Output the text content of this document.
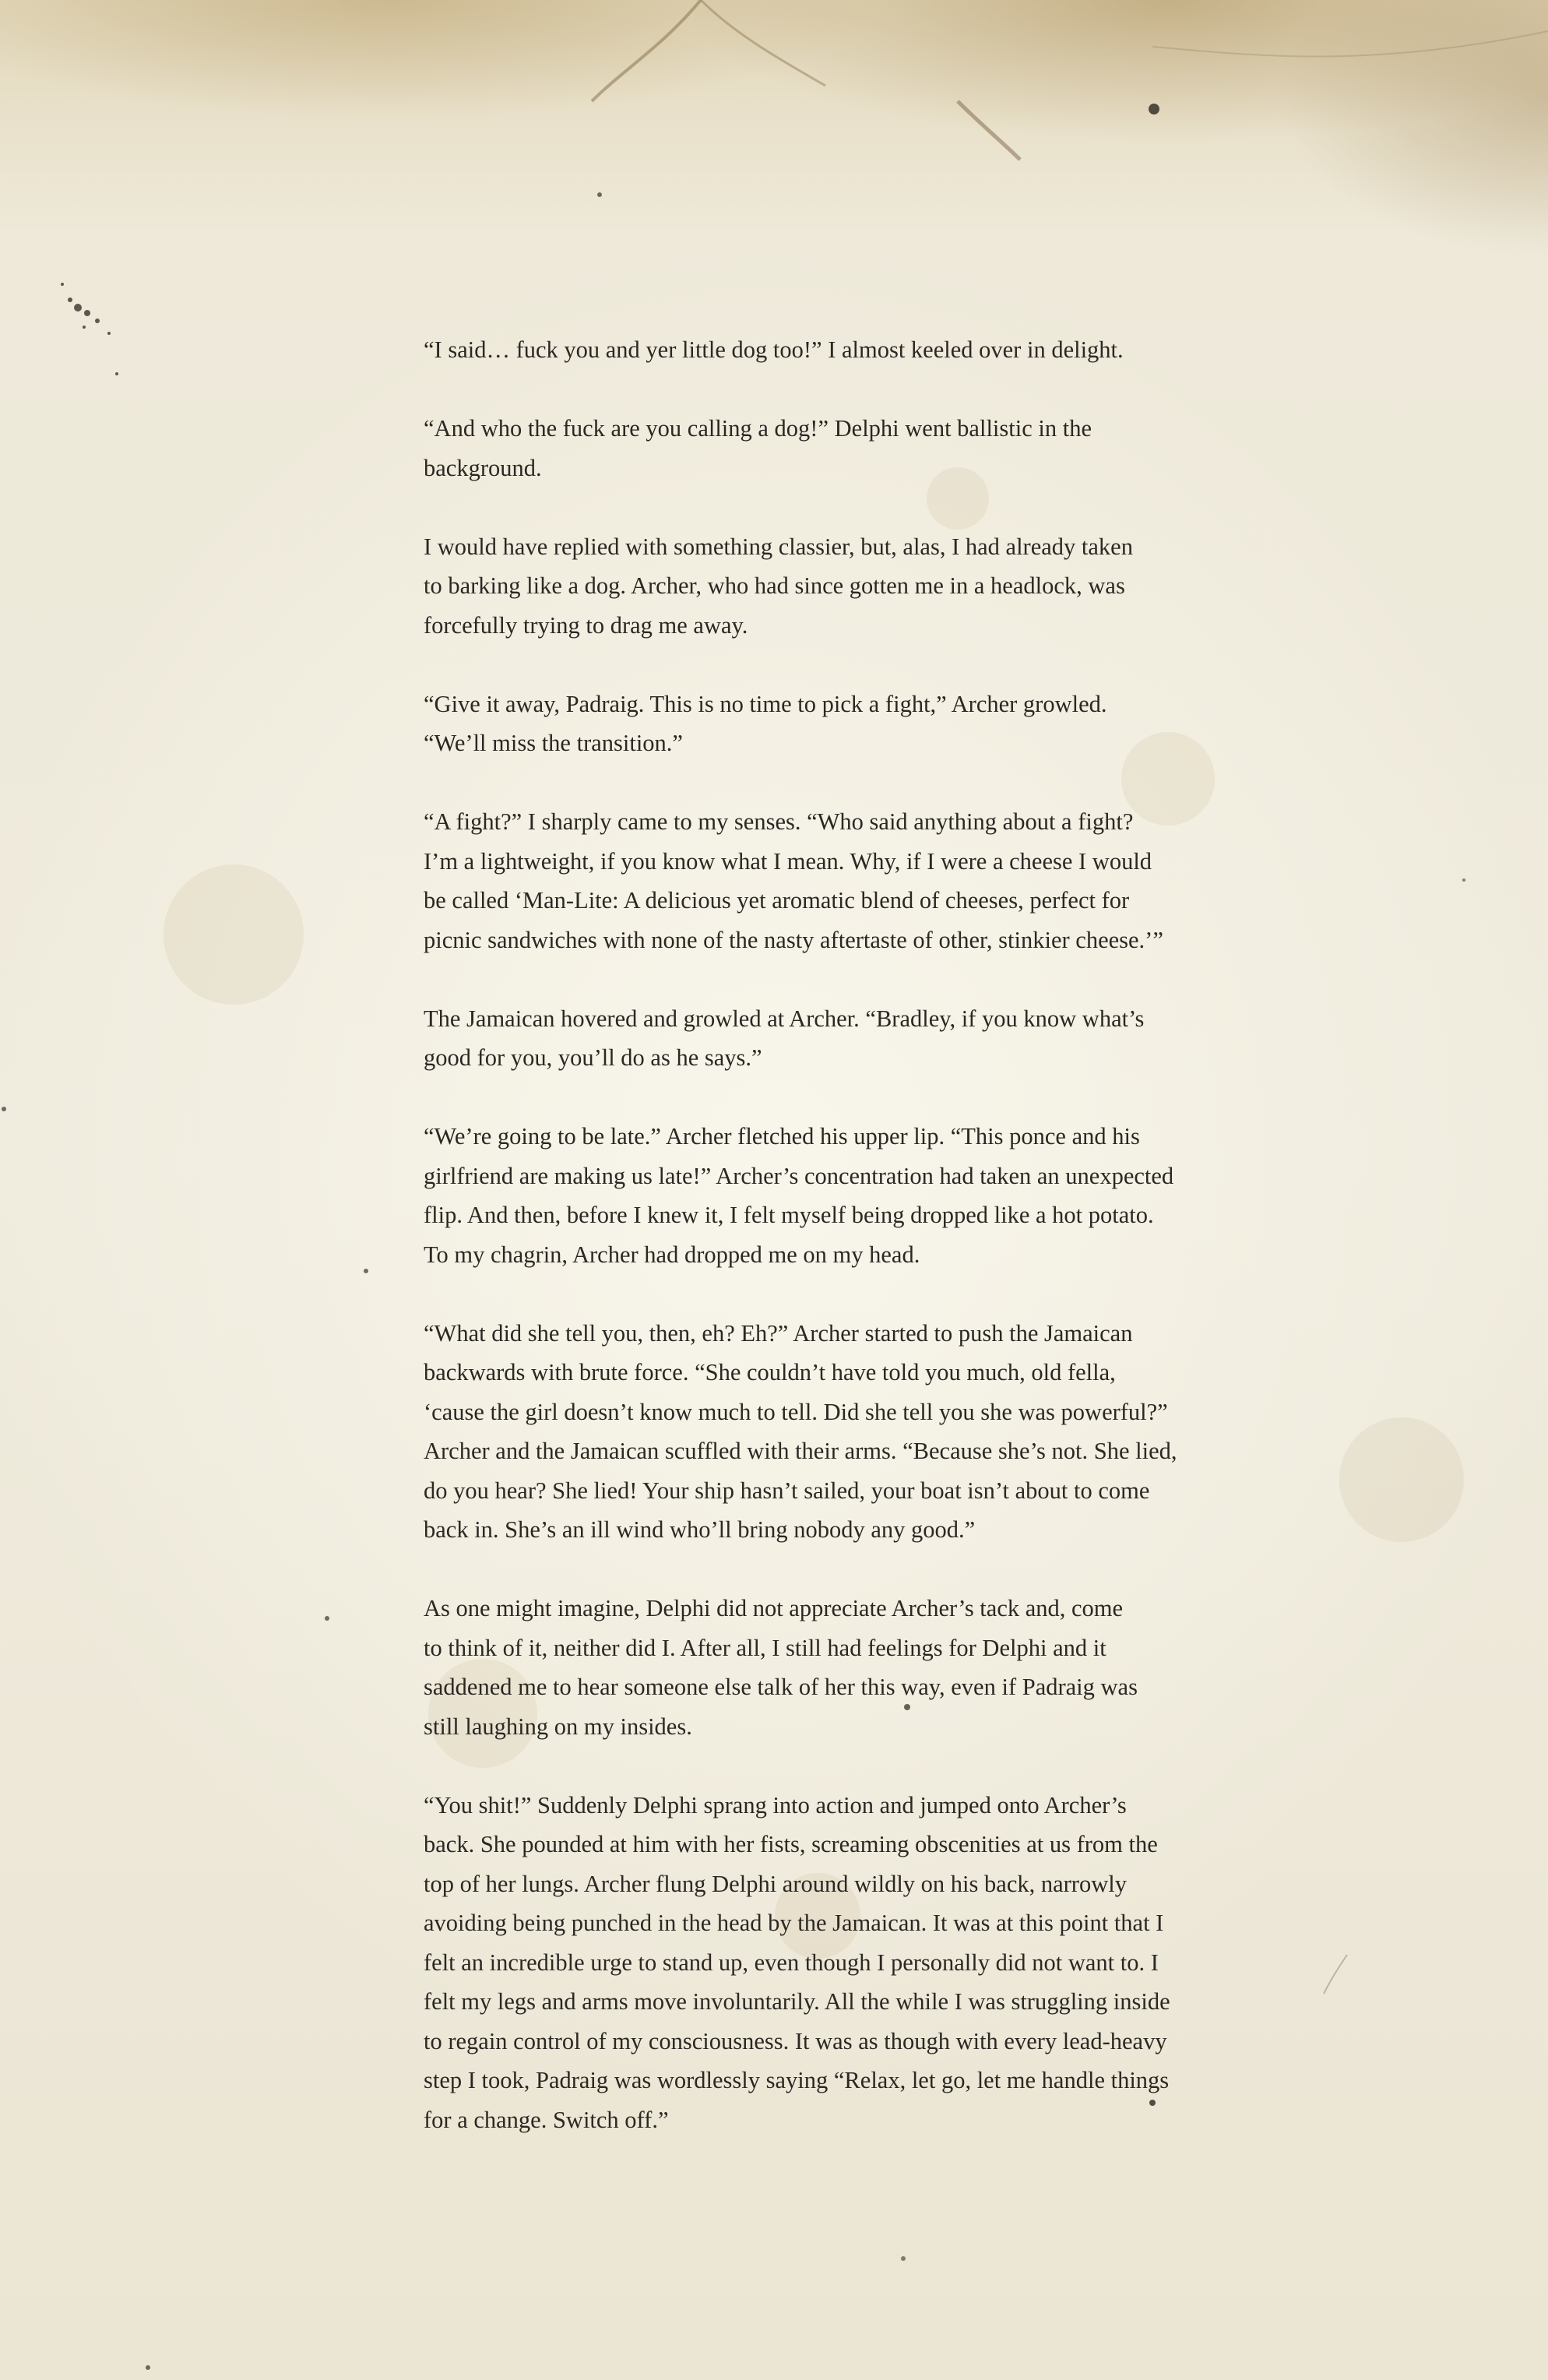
“I said… fuck you and yer little dog too!” I almost keeled over in delight.

“And who the fuck are you calling a dog!” Delphi went ballistic in the
background.

I would have replied with something classier, but, alas, I had already taken
to barking like a dog. Archer, who had since gotten me in a headlock, was
forcefully trying to drag me away.

“Give it away, Padraig. This is no time to pick a fight,” Archer growled.
“We’ll miss the transition.”

“A fight?” I sharply came to my senses. “Who said anything about a fight?
I’m a lightweight, if you know what I mean. Why, if I were a cheese I would
be called ‘Man-Lite: A delicious yet aromatic blend of cheeses, perfect for
picnic sandwiches with none of the nasty aftertaste of other, stinkier cheese.’”

The Jamaican hovered and growled at Archer. “Bradley, if you know what’s
good for you, you’ll do as he says.”

“We’re going to be late.” Archer fletched his upper lip. “This ponce and his
girlfriend are making us late!” Archer’s concentration had taken an unexpected
flip. And then, before I knew it, I felt myself being dropped like a hot potato.
To my chagrin, Archer had dropped me on my head.

“What did she tell you, then, eh? Eh?” Archer started to push the Jamaican
backwards with brute force. “She couldn’t have told you much, old fella,
‘cause the girl doesn’t know much to tell. Did she tell you she was powerful?”
Archer and the Jamaican scuffled with their arms. “Because she’s not. She lied,
do you hear? She lied! Your ship hasn’t sailed, your boat isn’t about to come
back in. She’s an ill wind who’ll bring nobody any good.”

As one might imagine, Delphi did not appreciate Archer’s tack and, come
to think of it, neither did I. After all, I still had feelings for Delphi and it
saddened me to hear someone else talk of her this way, even if Padraig was
still laughing on my insides.

“You shit!” Suddenly Delphi sprang into action and jumped onto Archer’s
back. She pounded at him with her fists, screaming obscenities at us from the
top of her lungs. Archer flung Delphi around wildly on his back, narrowly
avoiding being punched in the head by the Jamaican. It was at this point that I
felt an incredible urge to stand up, even though I personally did not want to. I
felt my legs and arms move involuntarily. All the while I was struggling inside
to regain control of my consciousness. It was as though with every lead-heavy
step I took, Padraig was wordlessly saying “Relax, let go, let me handle things
for a change. Switch off.”
